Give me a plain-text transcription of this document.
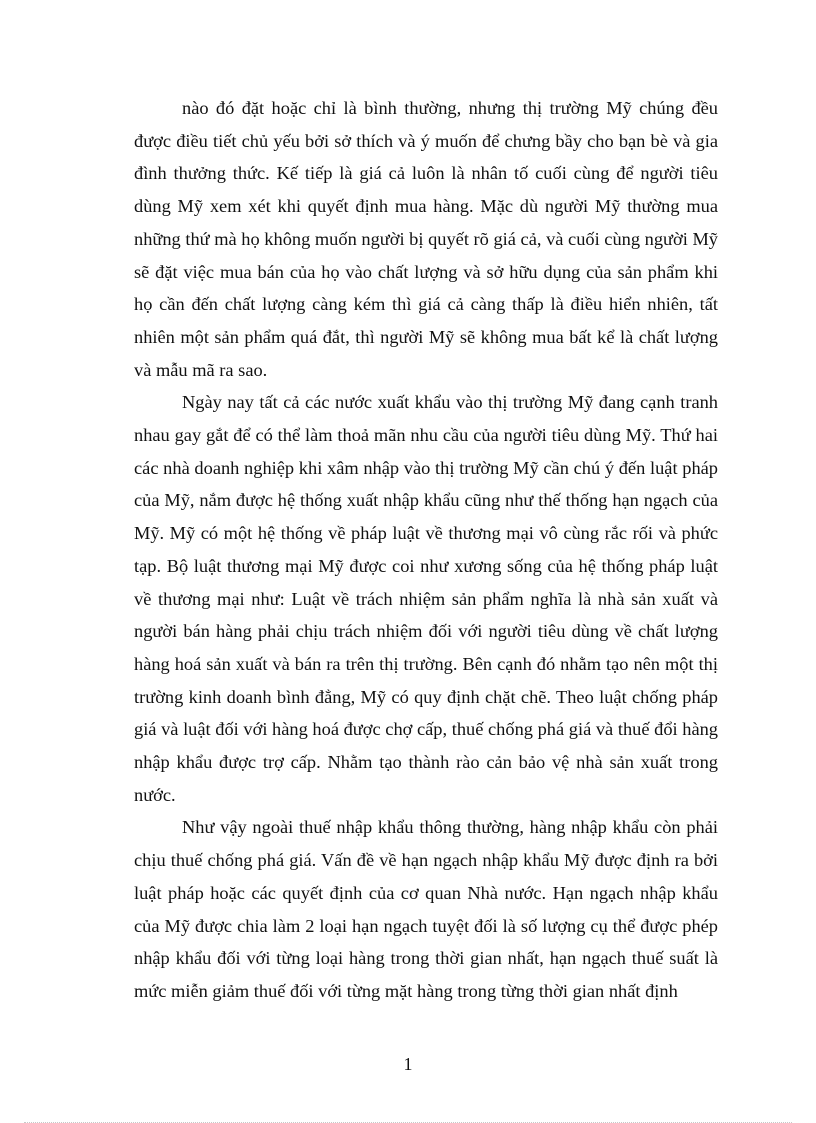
nào đó đặt hoặc chỉ là bình thường, nhưng thị trường Mỹ chúng đều được điều tiết chủ yếu bởi sở thích và ý muốn để chưng bầy cho bạn bè và gia đình thưởng thức. Kế tiếp là giá cả luôn là nhân tố cuối cùng để người tiêu dùng Mỹ xem xét khi quyết định mua hàng. Mặc dù người Mỹ thường mua những thứ mà họ không muốn người bị quyết rõ giá cả, và cuối cùng người Mỹ sẽ đặt việc mua bán của họ vào chất lượng và sở hữu dụng của sản phẩm khi họ cần đến chất lượng càng kém thì giá cả càng thấp là điều hiển nhiên, tất nhiên một sản phẩm quá đắt, thì người Mỹ sẽ không mua bất kể là chất lượng và mẫu mã ra sao.

Ngày nay tất cả các nước xuất khẩu vào thị trường Mỹ đang cạnh tranh nhau gay gắt để có thể làm thoả mãn nhu cầu của người tiêu dùng Mỹ. Thứ hai các nhà doanh nghiệp khi xâm nhập vào thị trường Mỹ cần chú ý đến luật pháp của Mỹ, nắm được hệ thống xuất nhập khẩu cũng như thế thống hạn ngạch của Mỹ. Mỹ có một hệ thống về pháp luật về thương mại vô cùng rắc rối và phức tạp. Bộ luật thương mại Mỹ được coi như xương sống của hệ thống pháp luật về thương mại như: Luật về trách nhiệm sản phẩm nghĩa là nhà sản xuất và người bán hàng phải chịu trách nhiệm đối với người tiêu dùng về chất lượng hàng hoá sản xuất và bán ra trên thị trường. Bên cạnh đó nhằm tạo nên một thị trường kinh doanh bình đẳng, Mỹ có quy định chặt chẽ. Theo luật chống pháp giá và luật đối với hàng hoá được chợ cấp, thuế chống phá giá và thuế đổi hàng nhập khẩu được trợ cấp. Nhằm tạo thành rào cản bảo vệ nhà sản xuất trong nước.

Như vậy ngoài thuế nhập khẩu thông thường, hàng nhập khẩu còn phải chịu thuế chống phá giá. Vấn đề về hạn ngạch nhập khẩu Mỹ được định ra bởi luật pháp hoặc các quyết định của cơ quan Nhà nước. Hạn ngạch nhập khẩu của Mỹ được chia làm 2 loại hạn ngạch tuyệt đối là số lượng cụ thể được phép nhập khẩu đối với từng loại hàng trong thời gian nhất, hạn ngạch thuế suất là mức miễn giảm thuế đối với từng mặt hàng trong từng thời gian nhất định

1
